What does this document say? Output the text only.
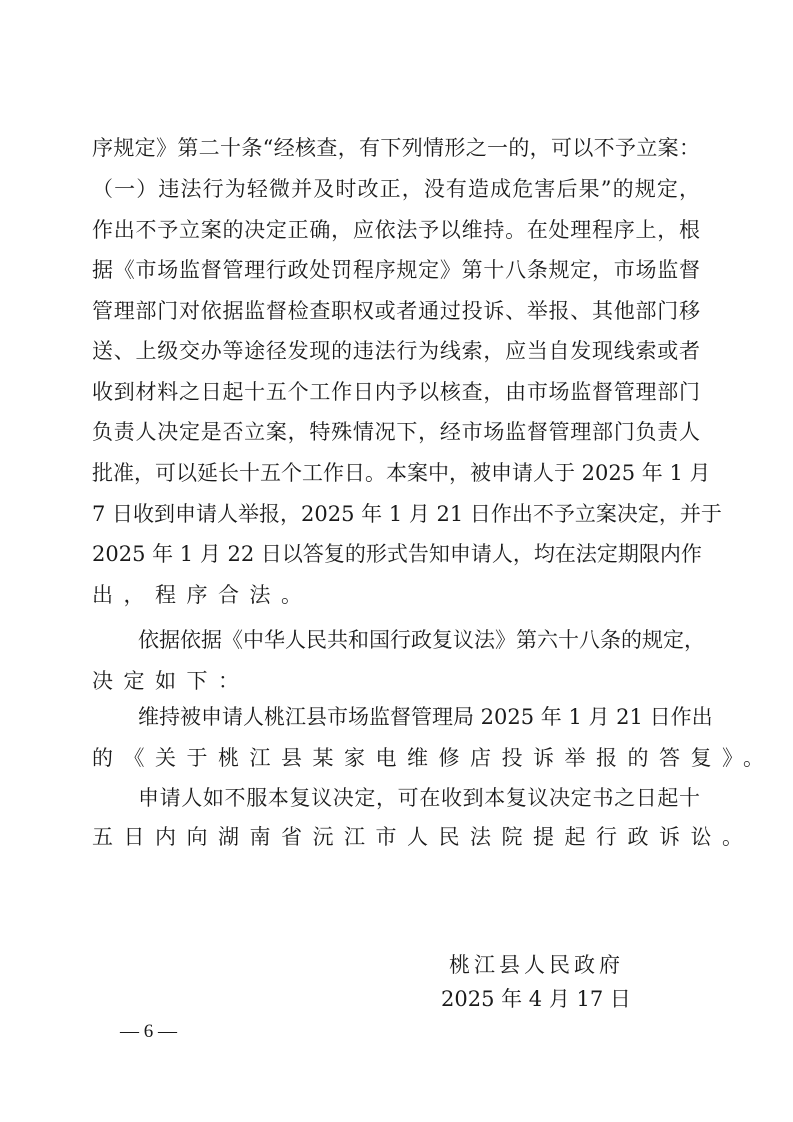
序规定》第二十条“经核查，有下列情形之一的，可以不予立案：
（一）违法行为轻微并及时改正，没有造成危害后果”的规定，
作出不予立案的决定正确，应依法予以维持。在处理程序上，根
据《市场监督管理行政处罚程序规定》第十八条规定，市场监督
管理部门对依据监督检查职权或者通过投诉、举报、其他部门移
送、上级交办等途径发现的违法行为线索，应当自发现线索或者
收到材料之日起十五个工作日内予以核查，由市场监督管理部门
负责人决定是否立案，特殊情况下，经市场监督管理部门负责人
批准，可以延长十五个工作日。本案中，被申请人于 2025 年 1 月
7 日收到申请人举报，2025 年 1 月 21 日作出不予立案决定，并于
2025 年 1 月 22 日以答复的形式告知申请人，均在法定期限内作
出，程序合法。
依据依据《中华人民共和国行政复议法》第六十八条的规定，
决定如下：
维持被申请人桃江县市场监督管理局 2025 年 1 月 21 日作出
的《关于桃江县某家电维修店投诉举报的答复》。
申请人如不服本复议决定，可在收到本复议决定书之日起十
五日内向湖南省沅江市人民法院提起行政诉讼。
桃江县人民政府
2025 年 4 月 17 日
— 6 —
